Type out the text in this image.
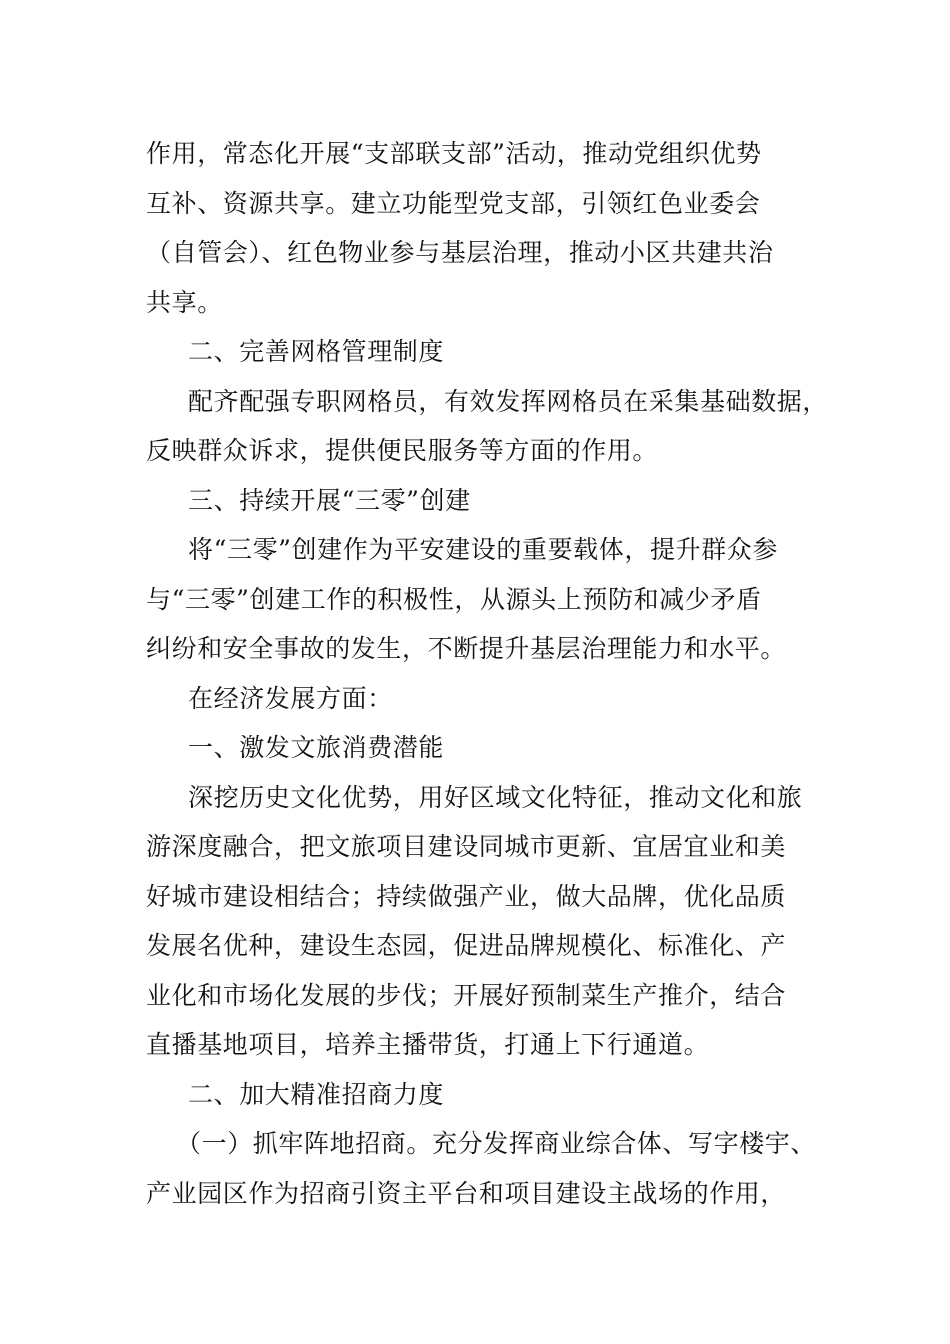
作用，常态化开展“支部联支部”活动，推动党组织优势
互补、资源共享。建立功能型党支部，引领红色业委会
（自管会）、红色物业参与基层治理，推动小区共建共治
共享。
二、完善网格管理制度
配齐配强专职网格员，有效发挥网格员在采集基础数据，
反映群众诉求，提供便民服务等方面的作用。
三、持续开展“三零”创建
将“三零”创建作为平安建设的重要载体，提升群众参
与“三零”创建工作的积极性，从源头上预防和减少矛盾
纠纷和安全事故的发生，不断提升基层治理能力和水平。
在经济发展方面：
一、激发文旅消费潜能
深挖历史文化优势，用好区域文化特征，推动文化和旅
游深度融合，把文旅项目建设同城市更新、宜居宜业和美
好城市建设相结合；持续做强产业，做大品牌，优化品质
发展名优种，建设生态园，促进品牌规模化、标准化、产
业化和市场化发展的步伐；开展好预制菜生产推介，结合
直播基地项目，培养主播带货，打通上下行通道。
二、加大精准招商力度
（一）抓牢阵地招商。充分发挥商业综合体、写字楼宇、
产业园区作为招商引资主平台和项目建设主战场的作用，
